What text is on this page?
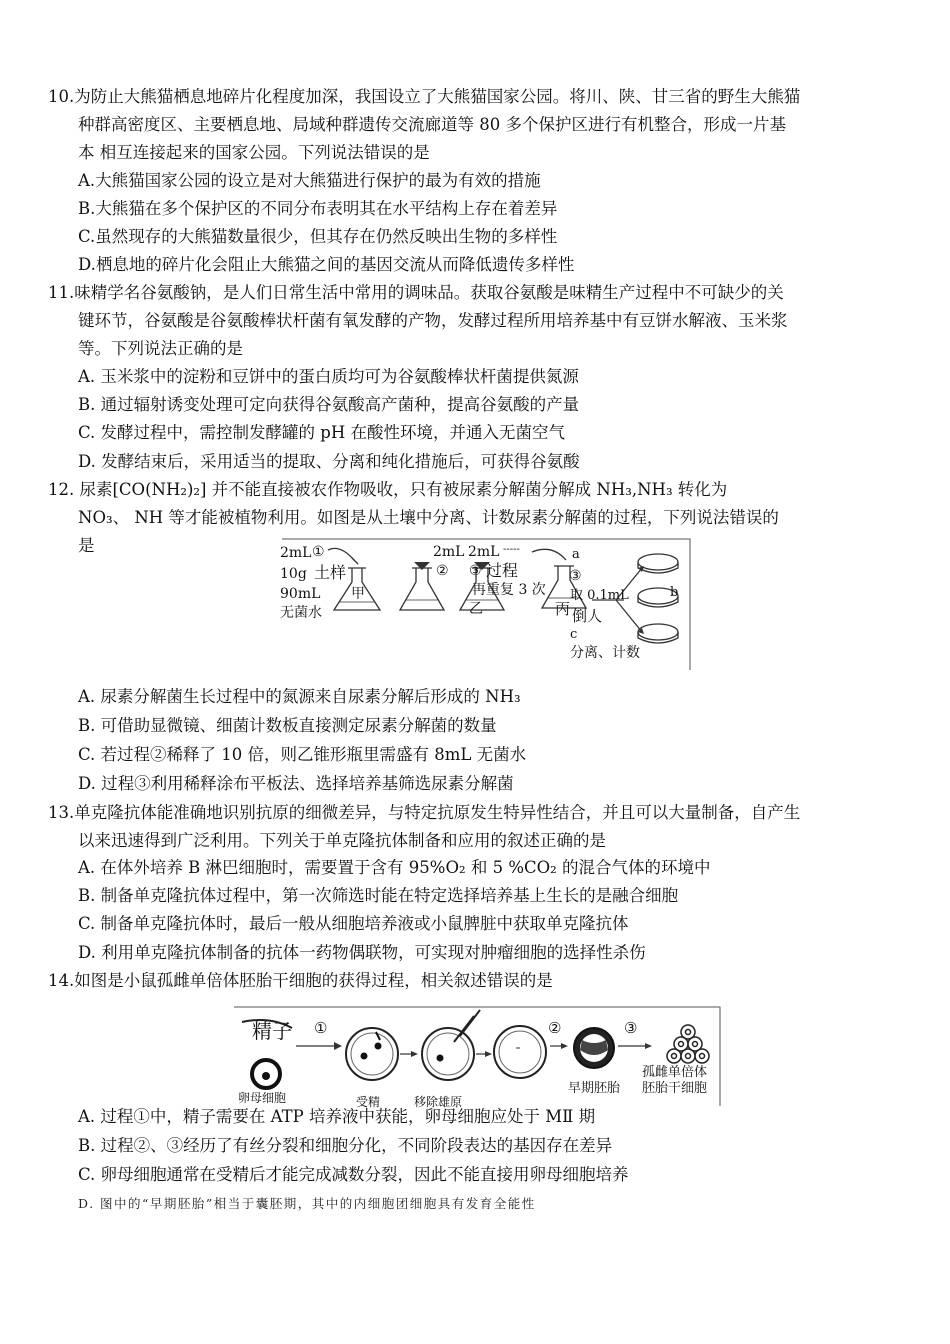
10.为防止大熊猫栖息地碎片化程度加深，我国设立了大熊猫国家公园。将川、陕、甘三省的野生大熊猫
种群高密度区、主要栖息地、局域种群遗传交流廊道等 80 多个保护区进行有机整合，形成一片基
本 相互连接起来的国家公园。下列说法错误的是
A.大熊猫国家公园的设立是对大熊猫进行保护的最为有效的措施
B.大熊猫在多个保护区的不同分布表明其在水平结构上存在着差异
C.虽然现存的大熊猫数量很少，但其存在仍然反映出生物的多样性
D.栖息地的碎片化会阻止大熊猫之间的基因交流从而降低遗传多样性
11.味精学名谷氨酸钠，是人们日常生活中常用的调味品。获取谷氨酸是味精生产过程中不可缺少的关
键环节，谷氨酸是谷氨酸棒状杆菌有氧发酵的产物，发酵过程所用培养基中有豆饼水解液、玉米浆
等。下列说法正确的是
A. 玉米浆中的淀粉和豆饼中的蛋白质均可为谷氨酸棒状杆菌提供氮源
B. 通过辐射诱变处理可定向获得谷氨酸高产菌种，提高谷氨酸的产量
C. 发酵过程中，需控制发酵罐的 pH 在酸性环境，并通入无菌空气
D. 发酵结束后，采用适当的提取、分离和纯化措施后，可获得谷氨酸
12. 尿素[CO(NH₂)₂] 并不能直接被农作物吸收，只有被尿素分解菌分解成 NH₃,NH₃ 转化为
NO₃、 NH 等才能被植物利用。如图是从土壤中分离、计数尿素分解菌的过程，下列说法错误的
是	2mL ①
10g 土样
90mL
无菌水
甲
②
2mL 2mL -----
③ 过程
再重复 3 次
乙
a
③
取 0.1mL
丙 倒人
b
c
分离、计数
A. 尿素分解菌生长过程中的氮源来自尿素分解后形成的 NH₃
B. 可借助显微镜、细菌计数板直接测定尿素分解菌的数量
C. 若过程②稀释了 10 倍，则乙锥形瓶里需盛有 8mL 无菌水
D. 过程③利用稀释涂布平板法、选择培养基筛选尿素分解菌
13.单克隆抗体能准确地识别抗原的细微差异，与特定抗原发生特异性结合，并且可以大量制备，自产生
以来迅速得到广泛利用。下列关于单克隆抗体制备和应用的叙述正确的是
A. 在体外培养 B 淋巴细胞时，需要置于含有 95%O₂ 和 5 %CO₂ 的混合气体的环境中
B. 制备单克隆抗体过程中，第一次筛选时能在特定选择培养基上生长的是融合细胞
C. 制备单克隆抗体时，最后一般从细胞培养液或小鼠脾脏中获取单克隆抗体
D. 利用单克隆抗体制备的抗体一药物偶联物，可实现对肿瘤细胞的选择性杀伤
14.如图是小鼠孤雌单倍体胚胎干细胞的获得过程，相关叙述错误的是
精子 ①
卵母细胞	受精	移除雄原
②
早期胚胎
③
孤雌单倍体
胚胎干细胞
A. 过程①中，精子需要在 ATP 培养液中获能，卵母细胞应处于 MⅡ 期
B. 过程②、③经历了有丝分裂和细胞分化，不同阶段表达的基因存在差异
C. 卵母细胞通常在受精后才能完成减数分裂，因此不能直接用卵母细胞培养
D. 图中的“早期胚胎”相当于囊胚期，其中的内细胞团细胞具有发育全能性
